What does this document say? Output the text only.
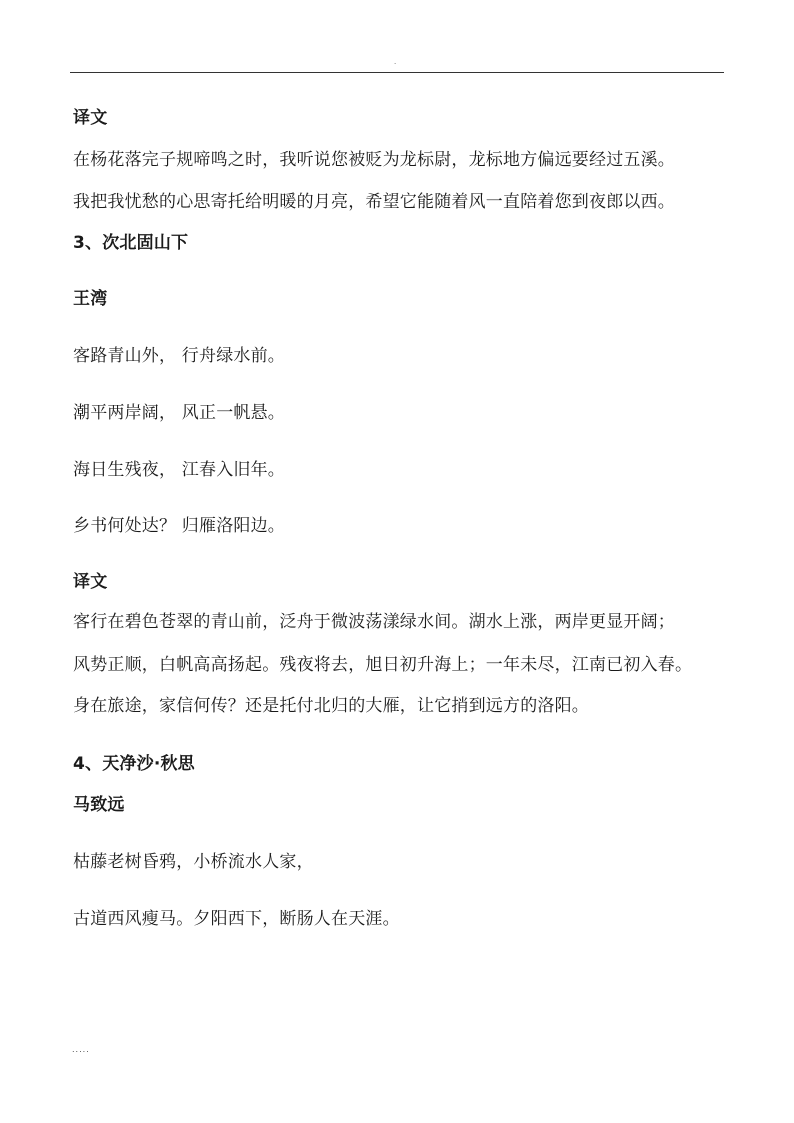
.
译文
在杨花落完子规啼鸣之时，我听说您被贬为龙标尉，龙标地方偏远要经过五溪。
我把我忧愁的心思寄托给明暖的月亮，希望它能随着风一直陪着您到夜郎以西。
3、次北固山下
王湾
客路青山外， 行舟绿水前。
潮平两岸阔， 风正一帆悬。
海日生残夜， 江春入旧年。
乡书何处达？ 归雁洛阳边。
译文
客行在碧色苍翠的青山前，泛舟于微波荡漾绿水间。湖水上涨，两岸更显开阔；
风势正顺，白帆高高扬起。残夜将去，旭日初升海上；一年未尽，江南已初入春。
身在旅途，家信何传？还是托付北归的大雁，让它捎到远方的洛阳。
4、天净沙·秋思
马致远
枯藤老树昏鸦，小桥流水人家，
古道西风瘦马。夕阳西下，断肠人在天涯。
.....
